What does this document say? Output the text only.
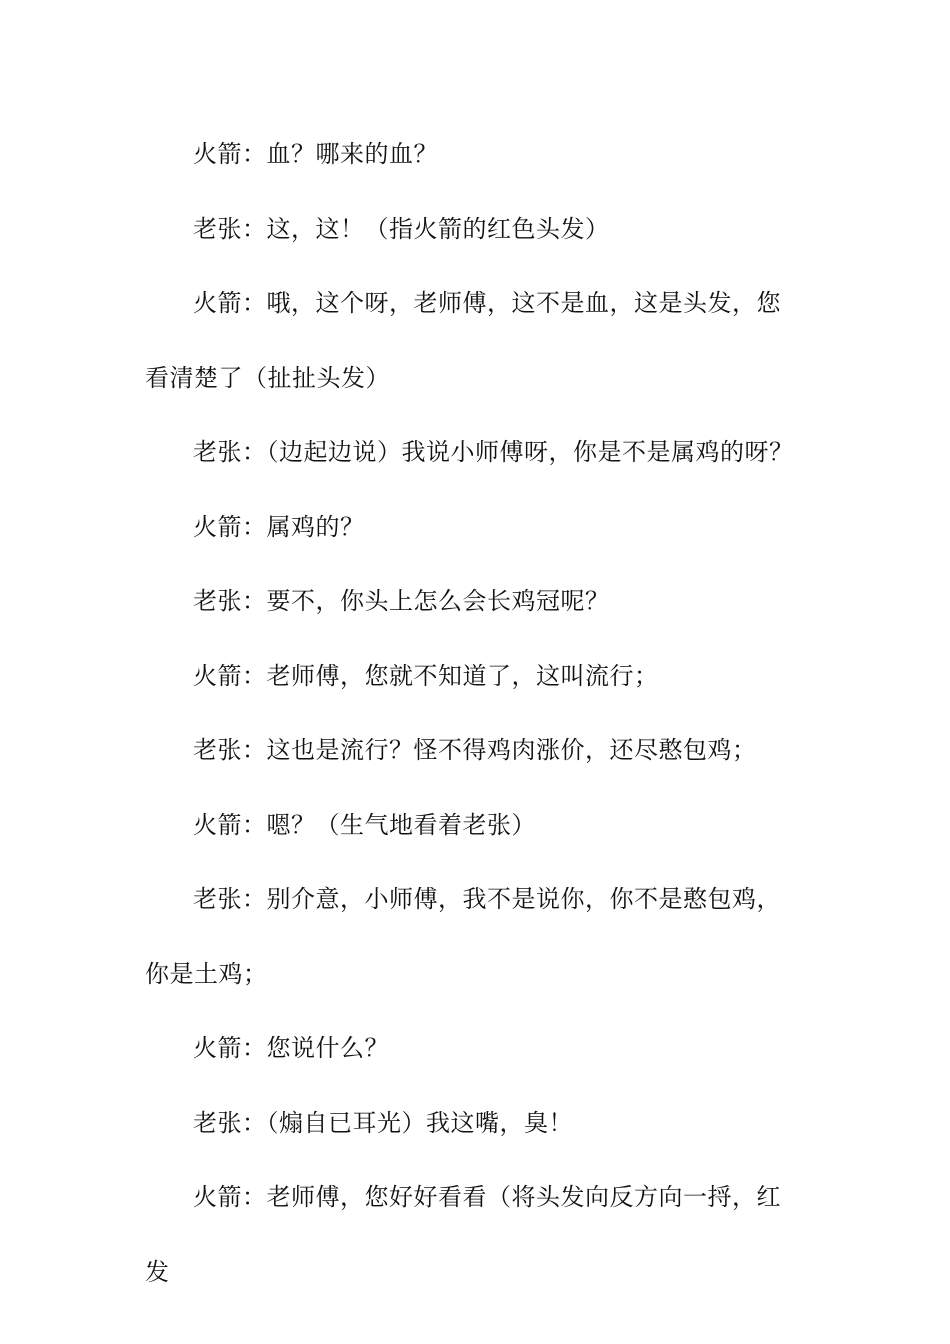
火箭：血？哪来的血？

老张：这，这！（指火箭的红色头发）

火箭：哦，这个呀，老师傅，这不是血，这是头发，您看清楚了（扯扯头发）

老张：（边起边说）我说小师傅呀，你是不是属鸡的呀？

火箭：属鸡的？

老张：要不，你头上怎么会长鸡冠呢？

火箭：老师傅，您就不知道了，这叫流行；

老张：这也是流行？怪不得鸡肉涨价，还尽憨包鸡；

火箭：嗯？（生气地看着老张）

老张：别介意，小师傅，我不是说你，你不是憨包鸡，你是土鸡；

火箭：您说什么？

老张：（煽自已耳光）我这嘴，臭！

火箭：老师傅，您好好看看（将头发向反方向一捋，红发
